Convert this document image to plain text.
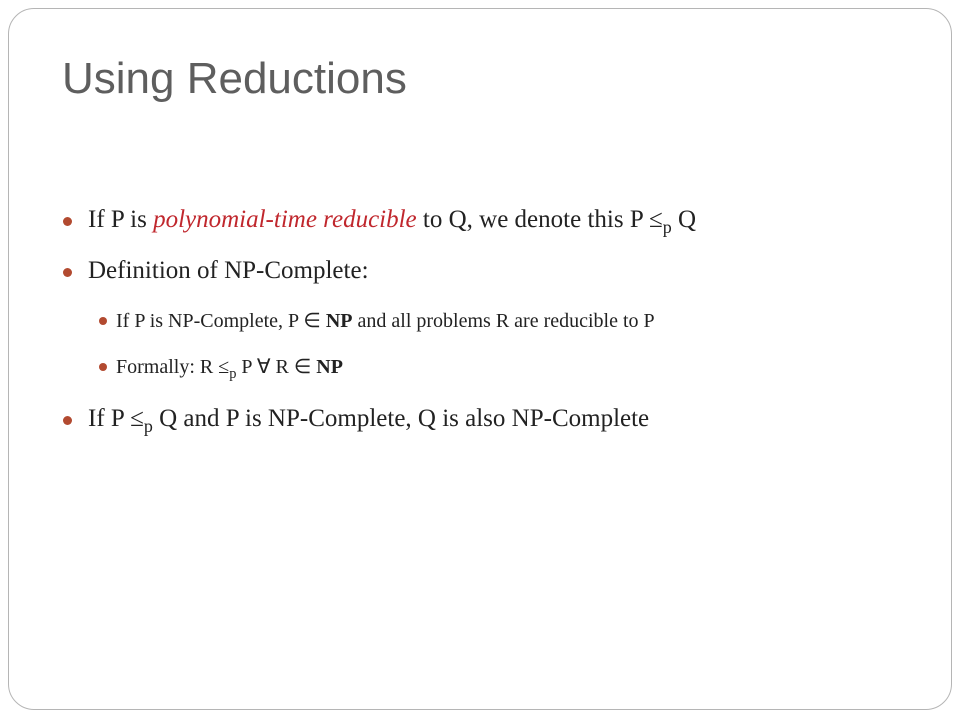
Using Reductions
If P is polynomial-time reducible to Q, we denote this $P \le_p$ Q
Definition of NP-Complete:
If P is NP-Complete, P ∈ NP and all problems R are reducible to P
Formally: $R \le_p$ P ∀ R ∈ NP
If $P \le_p$ Q and P is NP-Complete, Q is also NP-Complete
